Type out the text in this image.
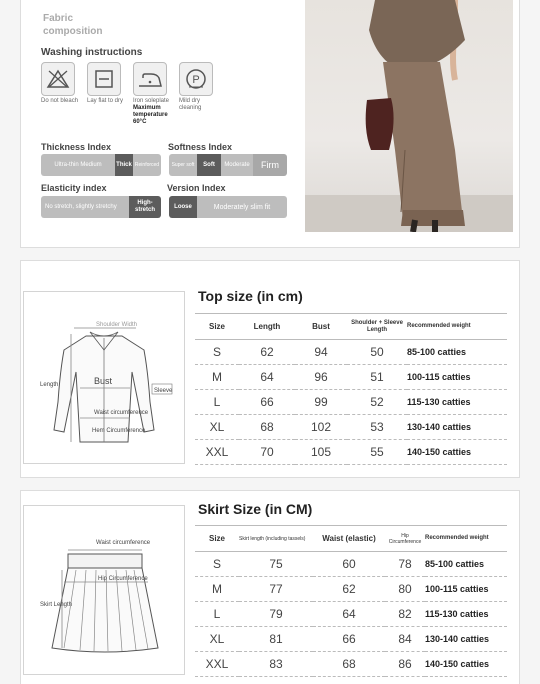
Fabric composition
Washing instructions
Do not bleach	Lay flat to dry	Iron soleplate
Maximum temperature 60°C
P
Mild dry cleaning
Thickness Index
Ultra-thin Medium	Thick Reinforced
Softness Index
Super soft	Soft	Moderate	Firm
Elasticity index
No stretch, slightly stretchy
High-stretch
Version Index
Loose	Moderately slim fit
Shoulder Width
Length	Bust
Sleeve
Waist circumference
Hem Circumference
Top size (in cm)
Size	Length	Bust	Shoulder + Sleeve Length	Recommended weight
S	62	94	50	85-100 catties
M	64	96	51	100-115 catties
L	66	99	52	115-130 catties
XL	68	102	53	130-140 catties
XXL	70	105	55	140-150 catties
Waist circumference
Hip Circumference
Skirt Length
Skirt Size (in CM)
Size	Skirt length (including tassels)	Waist (elastic)	Hip Circumference	Recommended weight
S	75	60	78	85-100 catties
M	77	62	80	100-115 catties
L	79	64	82	115-130 catties
XL	81	66	84	130-140 catties
XXL	83	68	86	140-150 catties
